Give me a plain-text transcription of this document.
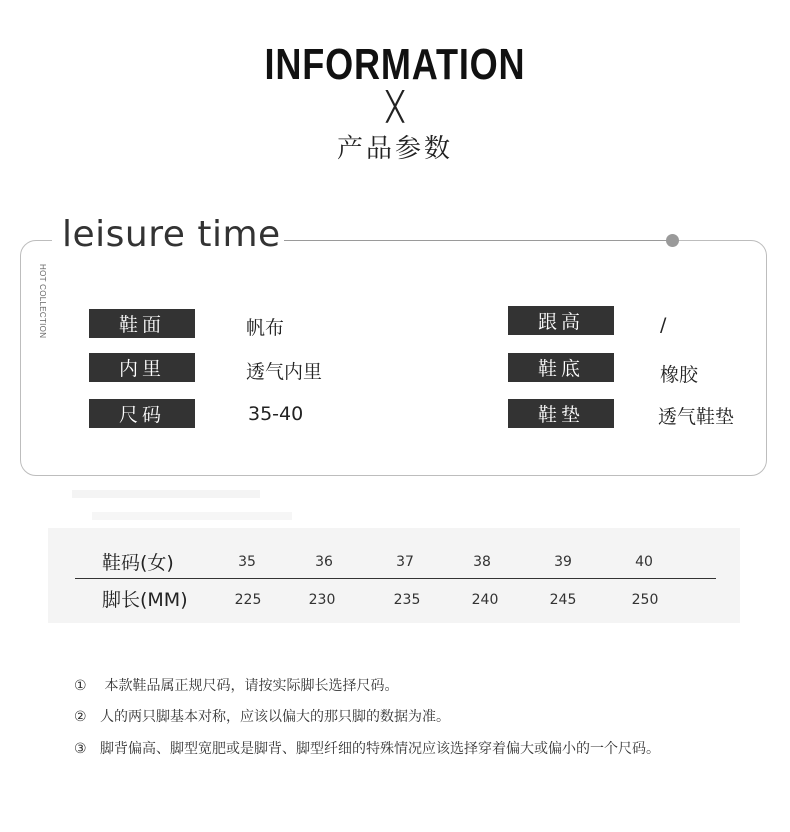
INFORMATION
╳
产品参数
leisure time
HOT COLLECTION	鞋面	帆布
内里	透气内里
尺码	35-40
跟高	/
鞋底	橡胶
鞋垫	透气鞋垫
鞋码(女)	35	36	37	38	39	40
脚长(MM)	225	230	235	240	245	250
① 本款鞋品属正规尺码，请按实际脚长选择尺码。
② 人的两只脚基本对称，应该以偏大的那只脚的数据为准。
③ 脚背偏高、脚型宽肥或是脚背、脚型纤细的特殊情况应该选择穿着偏大或偏小的一个尺码。
